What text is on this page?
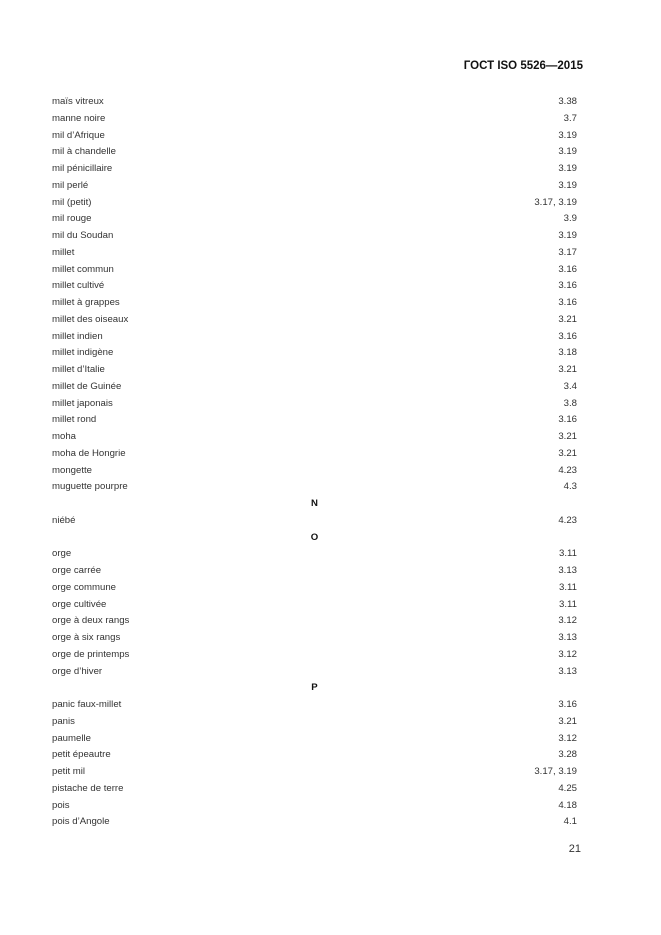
ГОСТ ISO 5526—2015
maïs vitreux	3.38
manne noire	3.7
mil d’Afrique	3.19
mil à chandelle	3.19
mil pénicillaire	3.19
mil perlé	3.19
mil (petit)	3.17, 3.19
mil rouge	3.9
mil du Soudan	3.19
millet	3.17
millet commun	3.16
millet cultivé	3.16
millet à grappes	3.16
millet des oiseaux	3.21
millet indien	3.16
millet indigène	3.18
millet d’Italie	3.21
millet de Guinée	3.4
millet japonais	3.8
millet rond	3.16
moha	3.21
moha de Hongrie	3.21
mongette	4.23
muguette pourpre	4.3
N
niébé	4.23
O
orge	3.11
orge carrée	3.13
orge commune	3.11
orge cultivée	3.11
orge à deux rangs	3.12
orge à six rangs	3.13
orge de printemps	3.12
orge d’hiver	3.13
P
panic faux-millet	3.16
panis	3.21
paumelle	3.12
petit épeautre	3.28
petit mil	3.17, 3.19
pistache de terre	4.25
pois	4.18
pois d’Angole	4.1
21
